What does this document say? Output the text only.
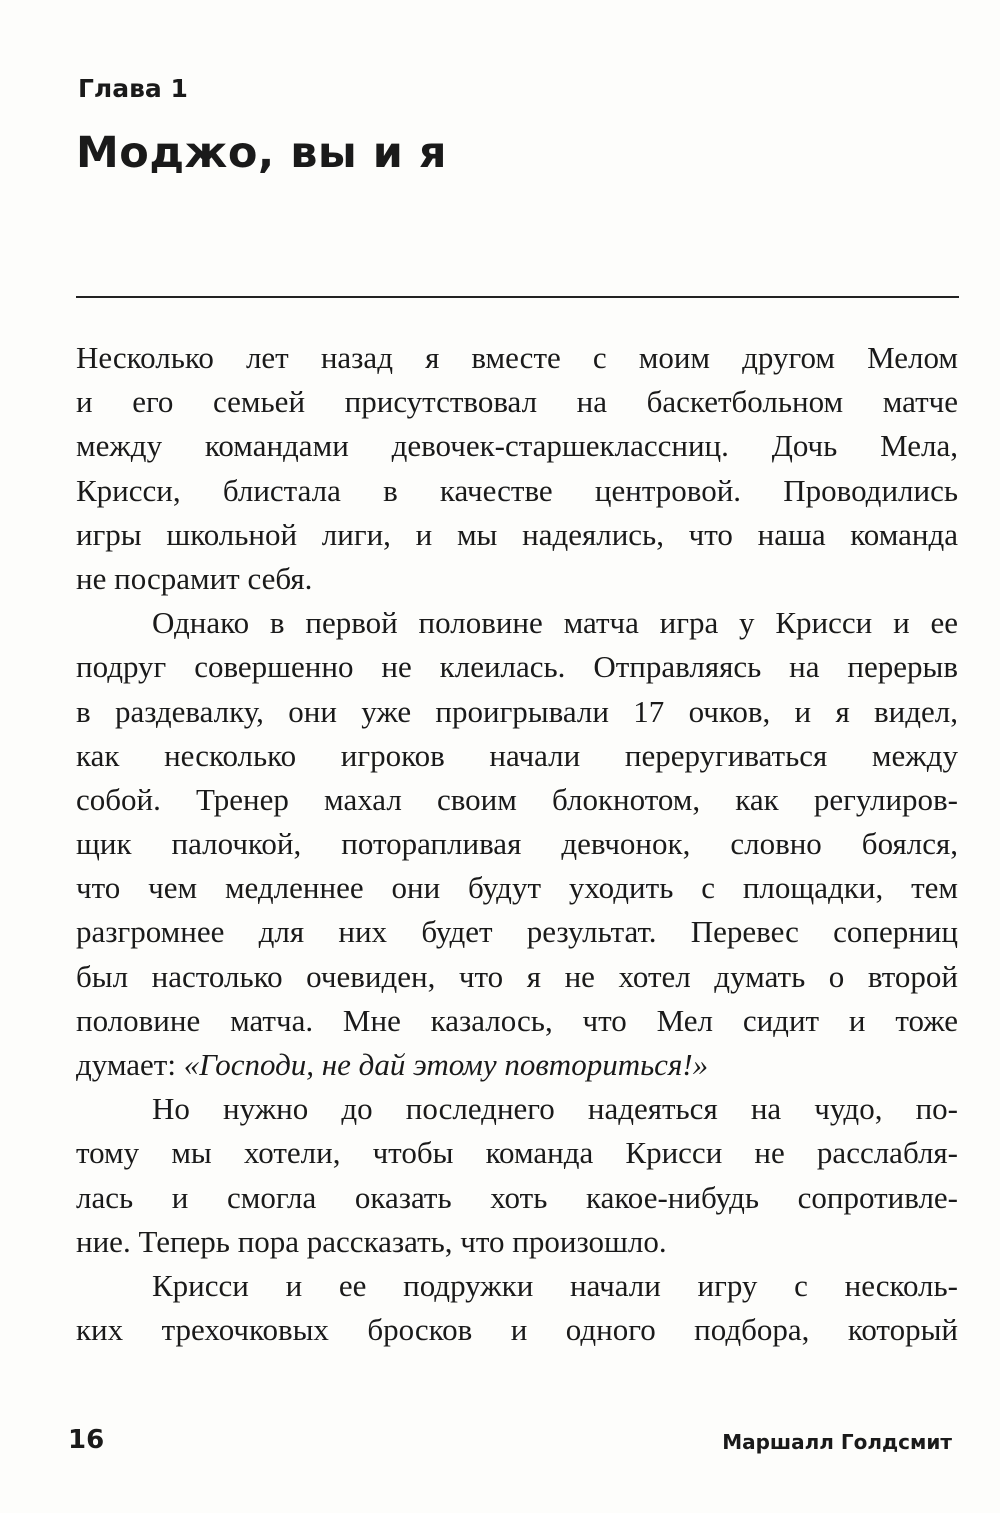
Глава 1
Моджо, вы и я
Несколько лет назад я вместе с моим другом Мелом
и его семьей присутствовал на баскетбольном матче
между командами девочек-старшеклассниц. Дочь Мела,
Крисси, блистала в качестве центровой. Проводились
игры школьной лиги, и мы надеялись, что наша команда
не посрамит себя.
Однако в первой половине матча игра у Крисси и ее
подруг совершенно не клеилась. Отправляясь на перерыв
в раздевалку, они уже проигрывали 17 очков, и я видел,
как несколько игроков начали переругиваться между
собой. Тренер махал своим блокнотом, как регулиров-
щик палочкой, поторапливая девчонок, словно боялся,
что чем медленнее они будут уходить с площадки, тем
разгромнее для них будет результат. Перевес соперниц
был настолько очевиден, что я не хотел думать о второй
половине матча. Мне казалось, что Мел сидит и тоже
думает: «Господи, не дай этому повториться!»
Но нужно до последнего надеяться на чудо, по-
тому мы хотели, чтобы команда Крисси не расслабля-
лась и смогла оказать хоть какое-нибудь сопротивле-
ние. Теперь пора рассказать, что произошло.
Крисси и ее подружки начали игру с несколь-
ких трехочковых бросков и одного подбора, который
16	Маршалл Голдсмит
